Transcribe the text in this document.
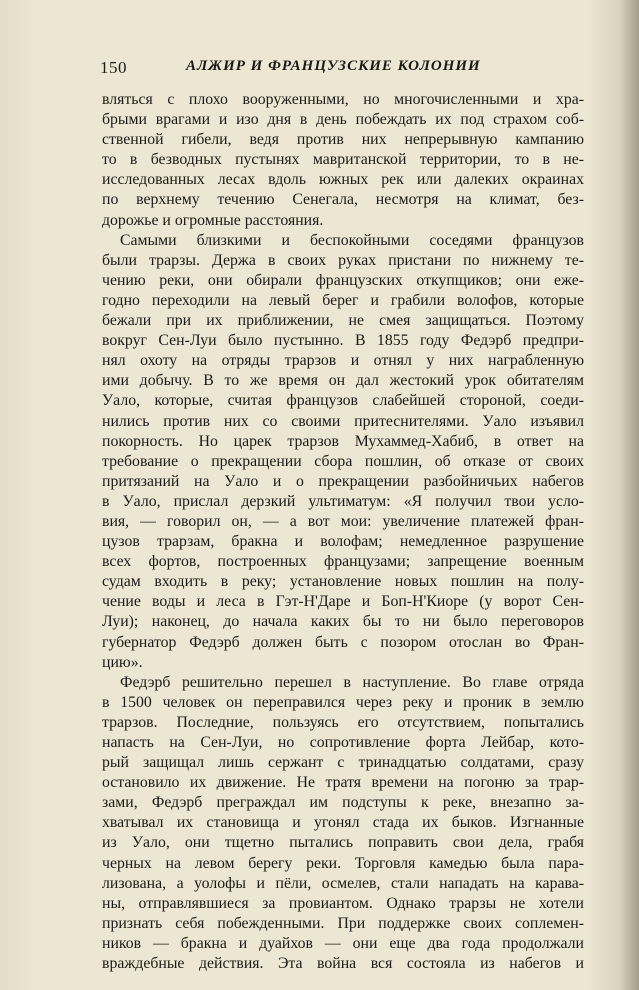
150	АЛЖИР И ФРАНЦУЗСКИЕ КОЛОНИИ
вляться с плохо вооруженными, но многочисленными и хра-
брыми врагами и изо дня в день побеждать их под страхом соб-
ственной гибели, ведя против них непрерывную кампанию
то в безводных пустынях мавританской территории, то в не-
исследованных лесах вдоль южных рек или далеких окраинах
по верхнему течению Сенегала, несмотря на климат, без-
дорожье и огромные расстояния.
Самыми близкими и беспокойными соседями французов
были трарзы. Держа в своих руках пристани по нижнему те-
чению реки, они обирали французских откупщиков; они еже-
годно переходили на левый берег и грабили волофов, которые
бежали при их приближении, не смея защищаться. Поэтому
вокруг Сен-Луи было пустынно. В 1855 году Федэрб предпри-
нял охоту на отряды трарзов и отнял у них награбленную
ими добычу. В то же время он дал жестокий урок обитателям
Уало, которые, считая французов слабейшей стороной, соеди-
нились против них со своими притеснителями. Уало изъявил
покорность. Но царек трарзов Мухаммед-Хабиб, в ответ на
требование о прекращении сбора пошлин, об отказе от своих
притязаний на Уало и о прекращении разбойничьих набегов
в Уало, прислал дерзкий ультиматум: «Я получил твои усло-
вия, — говорил он, — а вот мои: увеличение платежей фран-
цузов трарзам, бракна и волофам; немедленное разрушение
всех фортов, построенных французами; запрещение военным
судам входить в реку; установление новых пошлин на полу-
чение воды и леса в Гэт-Н'Даре и Боп-Н'Киоре (у ворот Сен-
Луи); наконец, до начала каких бы то ни было переговоров
губернатор Федэрб должен быть с позором отослан во Фран-
цию».
Федэрб решительно перешел в наступление. Во главе отряда
в 1500 человек он переправился через реку и проник в землю
трарзов. Последние, пользуясь его отсутствием, попытались
напасть на Сен-Луи, но сопротивление форта Лейбар, кото-
рый защищал лишь сержант с тринадцатью солдатами, сразу
остановило их движение. Не тратя времени на погоню за трар-
зами, Федэрб преграждал им подступы к реке, внезапно за-
хватывал их становища и угонял стада их быков. Изгнанные
из Уало, они тщетно пытались поправить свои дела, грабя
черных на левом берегу реки. Торговля камедью была пара-
лизована, а уолофы и пёли, осмелев, стали нападать на карава-
ны, отправлявшиеся за провиантом. Однако трарзы не хотели
признать себя побежденными. При поддержке своих соплемен-
ников — бракна и дуайхов — они еще два года продолжали
враждебные действия. Эта война вся состояла из набегов и
